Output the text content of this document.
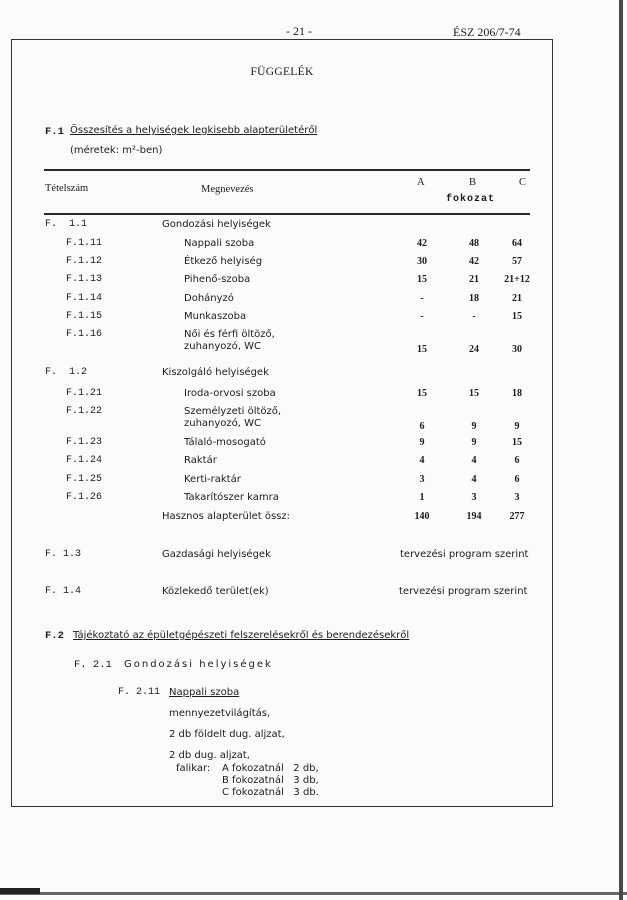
- 21 -	ÉSZ 206/7-74
FÜGGELÉK
F.1 Összesítés a helyiségek legkisebb alapterületéről
(méretek: m²-ben)
Tételszám	Megnevezés
A	B	C
fokozat
F.  1.1	Gondozási helyiségek
F.1.11	Nappali szoba	42	48	64
F.1.12	Étkező helyiség	30	42	57
F.1.13	Pihenő-szoba	15	21	21+12
F.1.14	Dohányzó	-	18	21
F.1.15	Munkaszoba	-	-	15
F.1.16	Női és férfi öltöző,
zuhanyozó, WC	15	24	30
F.  1.2	Kiszolgáló helyiségek
F.1.21	Iroda-orvosi szoba	15	15	18
F.1.22	Személyzeti öltöző,
zuhanyozó, WC	6	9	9
F.1.23	Tálaló-mosogató	9	9	15
F.1.24	Raktár	4	4	6
F.1.25	Kerti-raktár	3	4	6
F.1.26	Takarítószer kamra	1	3	3
Hasznos alapterület össz:	140	194	277
F. 1.3	Gazdasági helyiségek	tervezési program szerint
F. 1.4	Közlekedő terület(ek)	tervezési program szerint
F.2 Tájékoztató az épületgépészeti felszerelésekről és berendezésekről
F. 2.1 Gondozási helyiségek
F. 2.11 Nappali szoba
mennyezetvilágítás,
2 db földelt dug. aljzat,
2 db dug. aljzat,
falikar: A fokozatnál   2 db,
B fokozatnál   3 db,
C fokozatnál   3 db.
